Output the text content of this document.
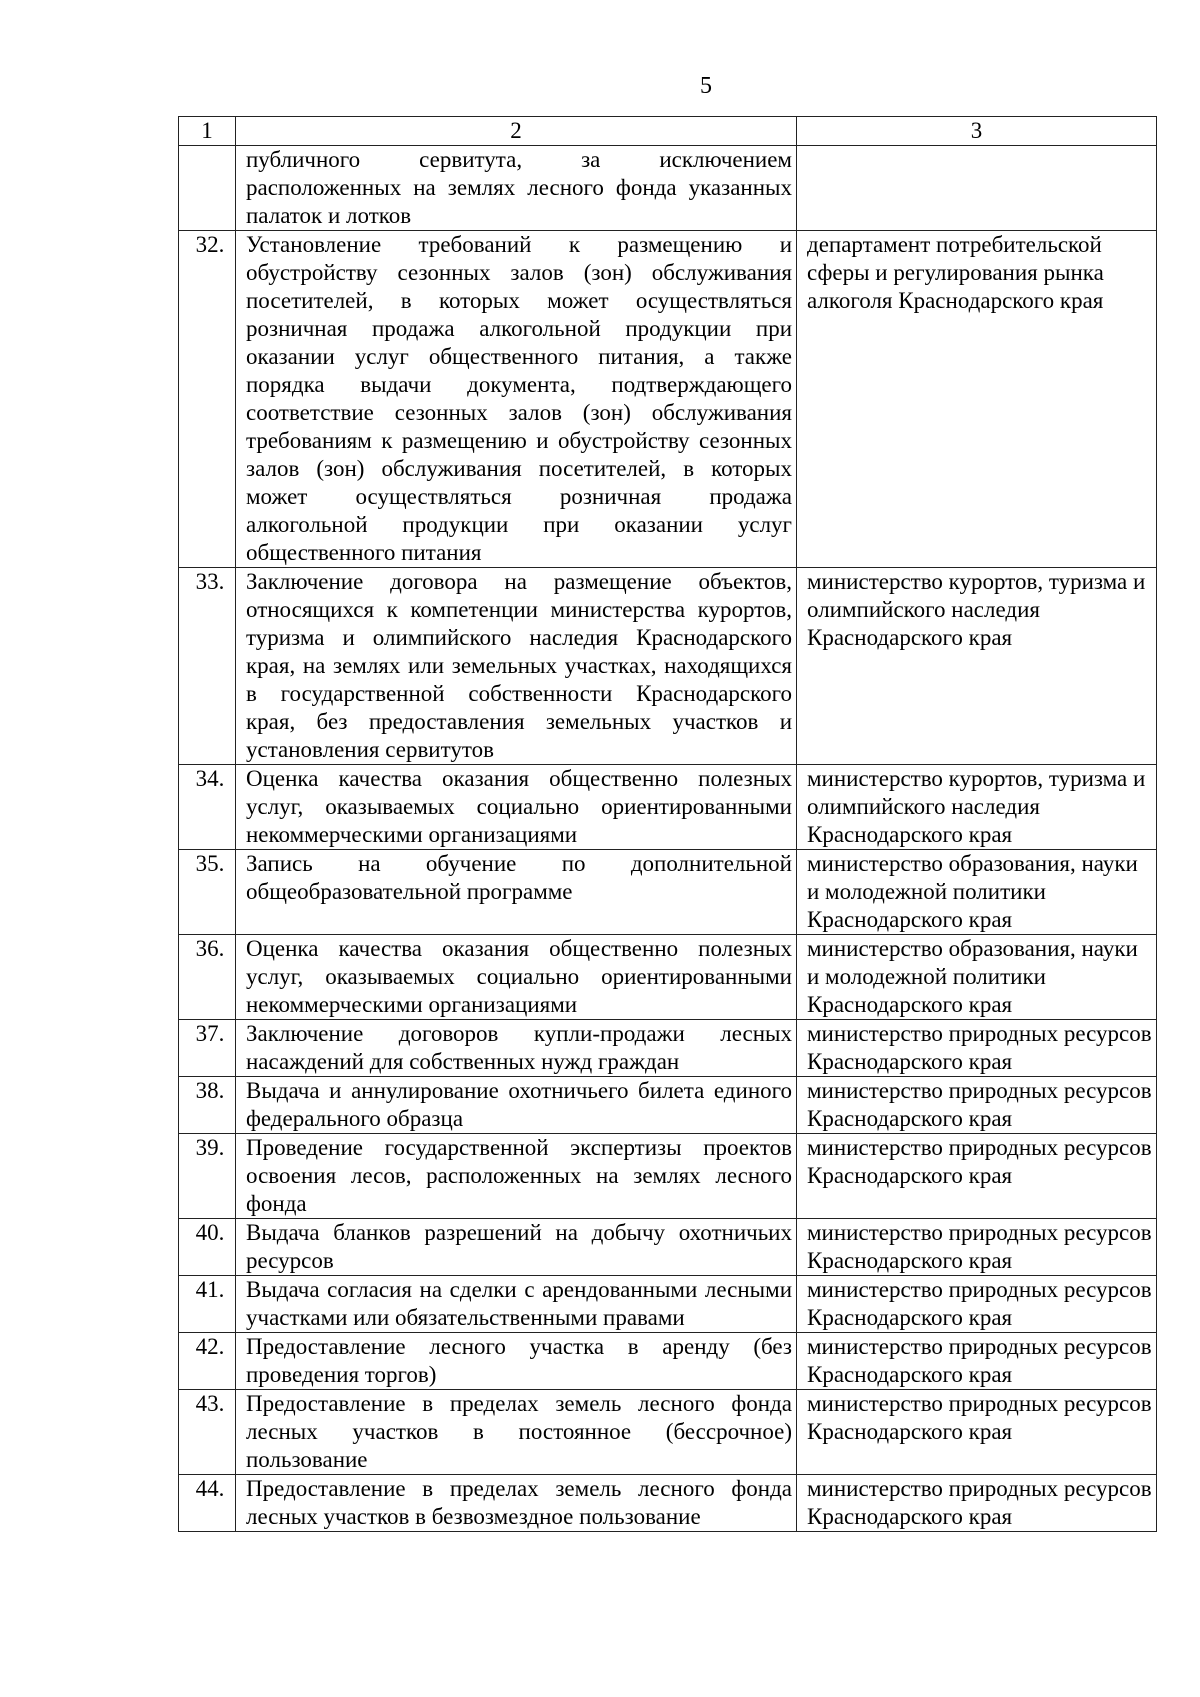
5
1	2	3
	публичного сервитута, за исключением расположенных на землях лесного фонда указанных палаток и лотков	
32.	Установление требований к размещению и обустройству сезонных залов (зон) обслуживания посетителей, в которых может осуществляться розничная продажа алкогольной продукции при оказании услуг общественного питания, а также порядка выдачи документа, подтверждающего соответствие сезонных залов (зон) обслуживания требованиям к размещению и обустройству сезонных залов (зон) обслуживания посетителей, в которых может осуществляться розничная продажа алкогольной продукции при оказании услуг общественного питания	департамент потребительской сферы и регулирования рынка алкоголя Краснодарского края
33.	Заключение договора на размещение объектов, относящихся к компетенции министерства курортов, туризма и олимпийского наследия Краснодарского края, на землях или земельных участках, находящихся в государственной собственности Краснодарского края, без предоставления земельных участков и установления сервитутов	министерство курортов, туризма и олимпийского наследия Краснодарского края
34.	Оценка качества оказания общественно полезных услуг, оказываемых социально ориентированными некоммерческими организациями	министерство курортов, туризма и олимпийского наследия Краснодарского края
35.	Запись на обучение по дополнительной общеобразовательной программе	министерство образования, науки и молодежной политики Краснодарского края
36.	Оценка качества оказания общественно полезных услуг, оказываемых социально ориентированными некоммерческими организациями	министерство образования, науки и молодежной политики Краснодарского края
37.	Заключение договоров купли-продажи лесных насаждений для собственных нужд граждан	министерство природных ресурсов Краснодарского края
38.	Выдача и аннулирование охотничьего билета единого федерального образца	министерство природных ресурсов Краснодарского края
39.	Проведение государственной экспертизы проектов освоения лесов, расположенных на землях лесного фонда	министерство природных ресурсов Краснодарского края
40.	Выдача бланков разрешений на добычу охотничьих ресурсов	министерство природных ресурсов Краснодарского края
41.	Выдача согласия на сделки с арендованными лесными участками или обязательственными правами	министерство природных ресурсов Краснодарского края
42.	Предоставление лесного участка в аренду (без проведения торгов)	министерство природных ресурсов Краснодарского края
43.	Предоставление в пределах земель лесного фонда лесных участков в постоянное (бессрочное) пользование	министерство природных ресурсов Краснодарского края
44.	Предоставление в пределах земель лесного фонда лесных участков в безвозмездное пользование	министерство природных ресурсов Краснодарского края
